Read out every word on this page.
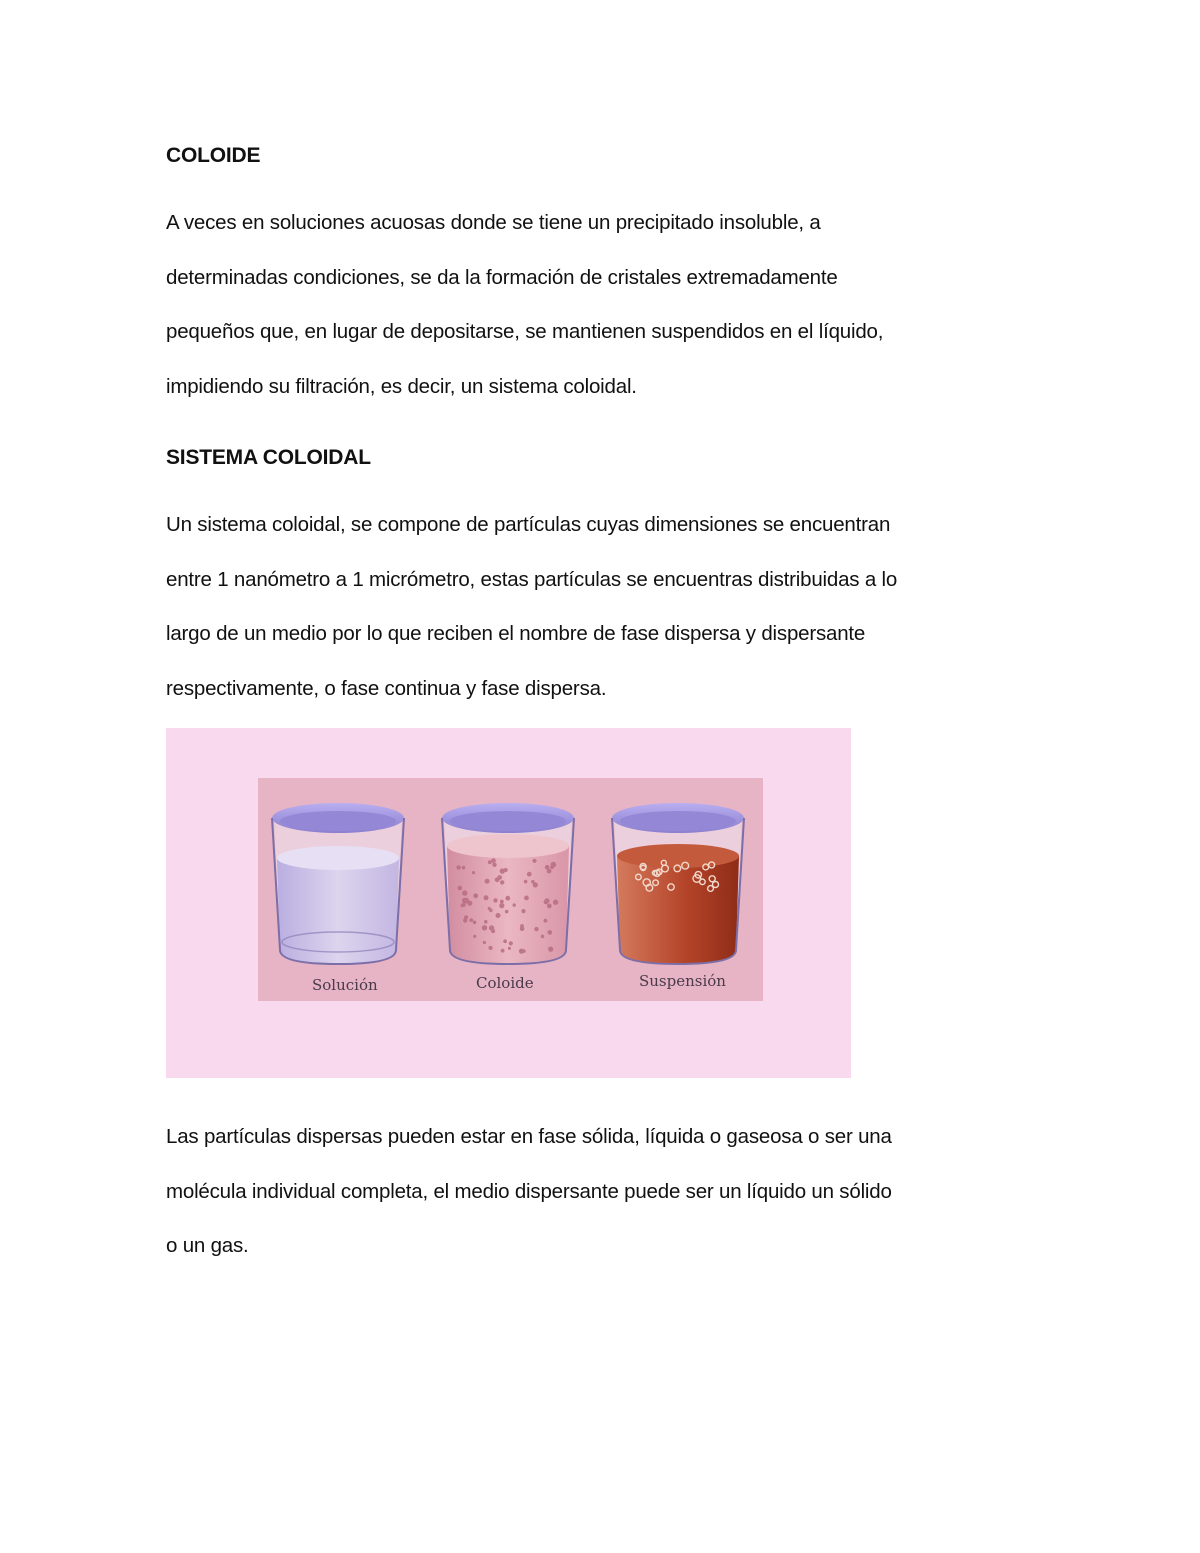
COLOIDE

A veces en soluciones acuosas donde se tiene un precipitado insoluble, a
determinadas condiciones, se da la formación de cristales extremadamente
pequeños que, en lugar de depositarse, se mantienen suspendidos en el líquido,
impidiendo su filtración, es decir, un sistema coloidal.

SISTEMA COLOIDAL

Un sistema coloidal, se compone de partículas cuyas dimensiones se encuentran
entre 1 nanómetro a 1 micrómetro, estas partículas se encuentras distribuidas a lo
largo de un medio por lo que reciben el nombre de fase dispersa y dispersante
respectivamente, o fase continua y fase dispersa.

Solución	Coloide	Suspensión

Las partículas dispersas pueden estar en fase sólida, líquida o gaseosa o ser una
molécula individual completa, el medio dispersante puede ser un líquido un sólido
o un gas.
